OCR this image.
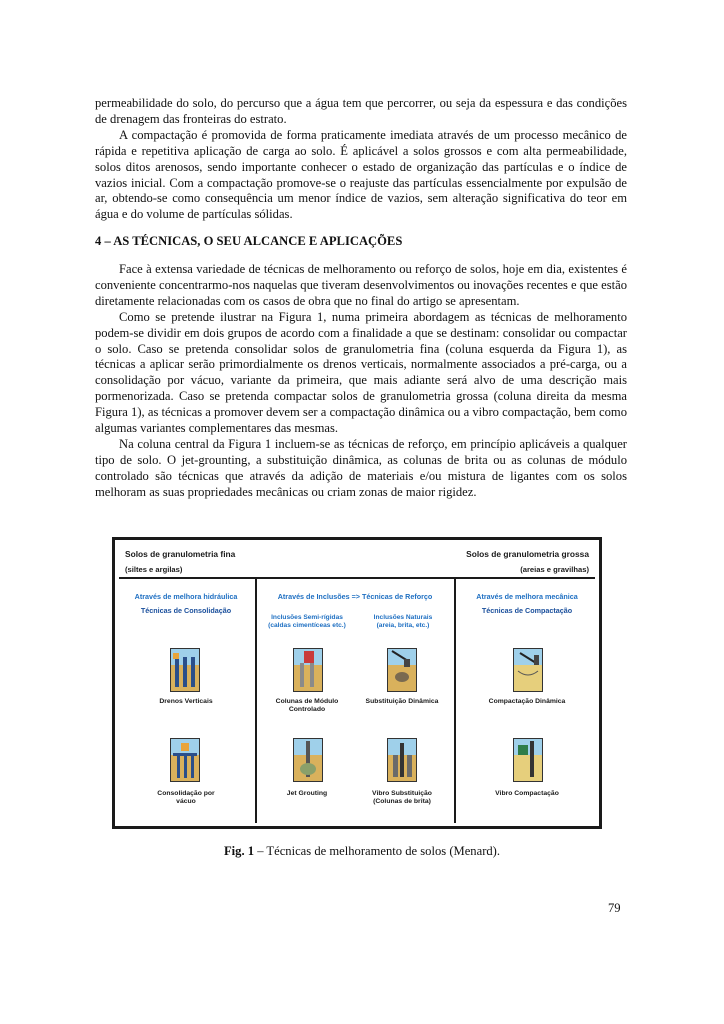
permeabilidade do solo, do percurso que a água tem que percorrer, ou seja da espessura e das condições de drenagem das fronteiras do estrato.

A compactação é promovida de forma praticamente imediata através de um processo mecânico de rápida e repetitiva aplicação de carga ao solo. É aplicável a solos grossos e com alta permeabilidade, solos ditos arenosos, sendo importante conhecer o estado de organização das partículas e o índice de vazios inicial. Com a compactação promove-se o reajuste das partículas essencialmente por expulsão de ar, obtendo-se como consequência um menor índice de vazios, sem alteração significativa do teor em água e do volume de partículas sólidas.

4 – AS TÉCNICAS, O SEU ALCANCE E APLICAÇÕES

Face à extensa variedade de técnicas de melhoramento ou reforço de solos, hoje em dia, existentes é conveniente concentrarmo-nos naquelas que tiveram desenvolvimentos ou inovações recentes e que estão diretamente relacionadas com os casos de obra que no final do artigo se apresentam.

Como se pretende ilustrar na Figura 1, numa primeira abordagem as técnicas de melhoramento podem-se dividir em dois grupos de acordo com a finalidade a que se destinam: consolidar ou compactar o solo. Caso se pretenda consolidar solos de granulometria fina (coluna esquerda da Figura 1), as técnicas a aplicar serão primordialmente os drenos verticais, normalmente associados a pré-carga, ou a consolidação por vácuo, variante da primeira, que mais adiante será alvo de uma descrição mais pormenorizada. Caso se pretenda compactar solos de granulometria grossa (coluna direita da mesma Figura 1), as técnicas a promover devem ser a compactação dinâmica ou a vibro compactação, bem como algumas variantes complementares das mesmas.

Na coluna central da Figura 1 incluem-se as técnicas de reforço, em princípio aplicáveis a qualquer tipo de solo. O jet-grounting, a substituição dinâmica, as colunas de brita ou as colunas de módulo controlado são técnicas que através da adição de materiais e/ou mistura de ligantes com os solos melhoram as suas propriedades mecânicas ou criam zonas de maior rigidez.

Solos de granulometria fina
(siltes e argilas)
Solos de granulometria grossa
(areias e gravilhas)
Através de melhora hidráulica
Técnicas de Consolidação
Através de Inclusões => Técnicas de Reforço
Inclusões Semi-rígidas
(caldas cimentíceas etc.)
Inclusões Naturais
(areia, brita, etc.)
Através de melhora mecânica
Técnicas de Compactação
Drenos Verticais	Colunas de Módulo
Controlado
Substituição Dinâmica	Compactação Dinâmica
Consolidação por
vácuo
Jet Grouting	Vibro Substituição
(Colunas de brita)
Vibro Compactação
Fig. 1 – Técnicas de melhoramento de solos (Menard).
79
